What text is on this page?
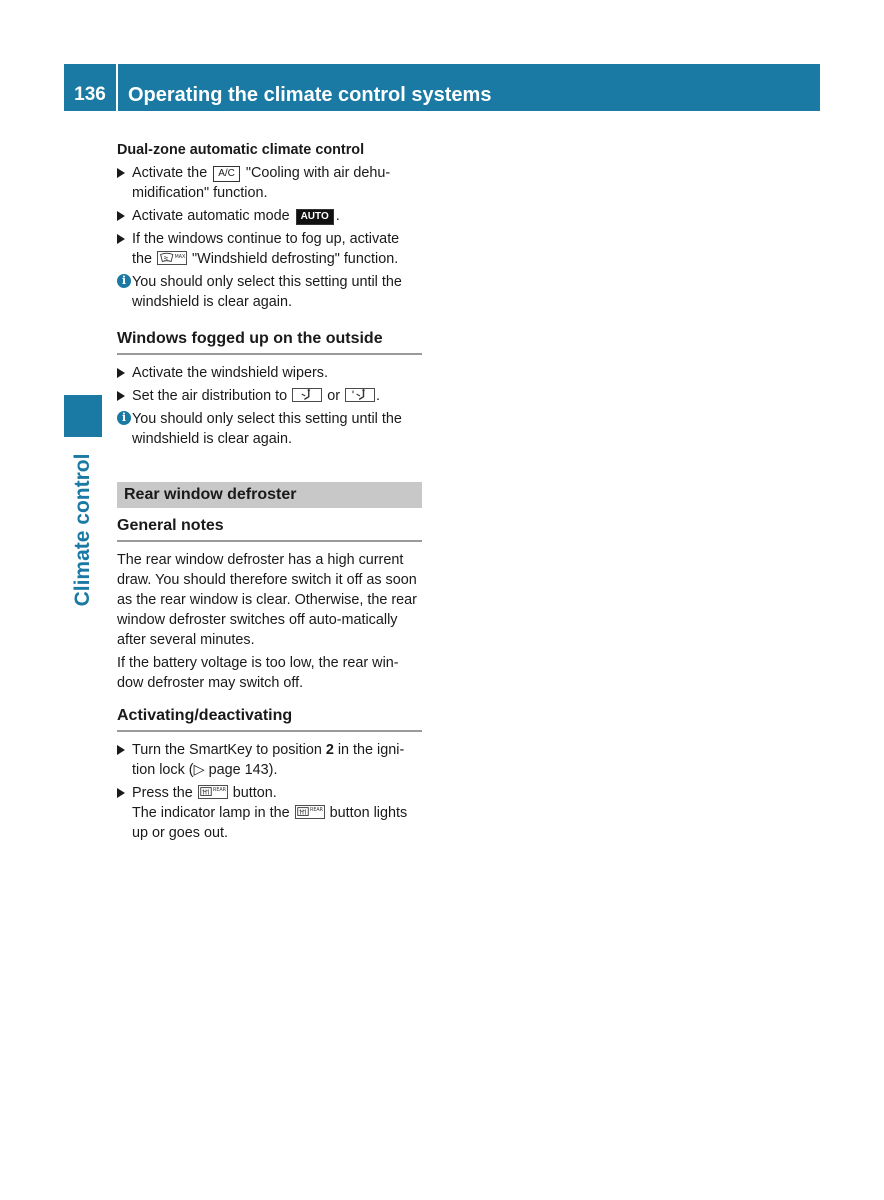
136	Operating the climate control systems
Climate control
Dual-zone automatic climate control
Activate the A/C "Cooling with air dehu-midification" function.
Activate automatic mode AUTO .
If the windows continue to fog up, activate the	MAX "Windshield defrosting" function.
i You should only select this setting until the windshield is clear again.
Windows fogged up on the outside
Activate the windshield wipers.
Set the air distribution to	or	.
i You should only select this setting until the windshield is clear again.
Rear window defroster
General notes

The rear window defroster has a high current draw. You should therefore switch it off as soon as the rear window is clear. Otherwise, the rear window defroster switches off auto-matically after several minutes.

If the battery voltage is too low, the rear win-dow defroster may switch off.

Activating/deactivating
Turn the SmartKey to position 2 in the igni-tion lock (▷ page 143).
Press the	REAR button.
The indicator lamp in the	REAR button lights up or goes out.
